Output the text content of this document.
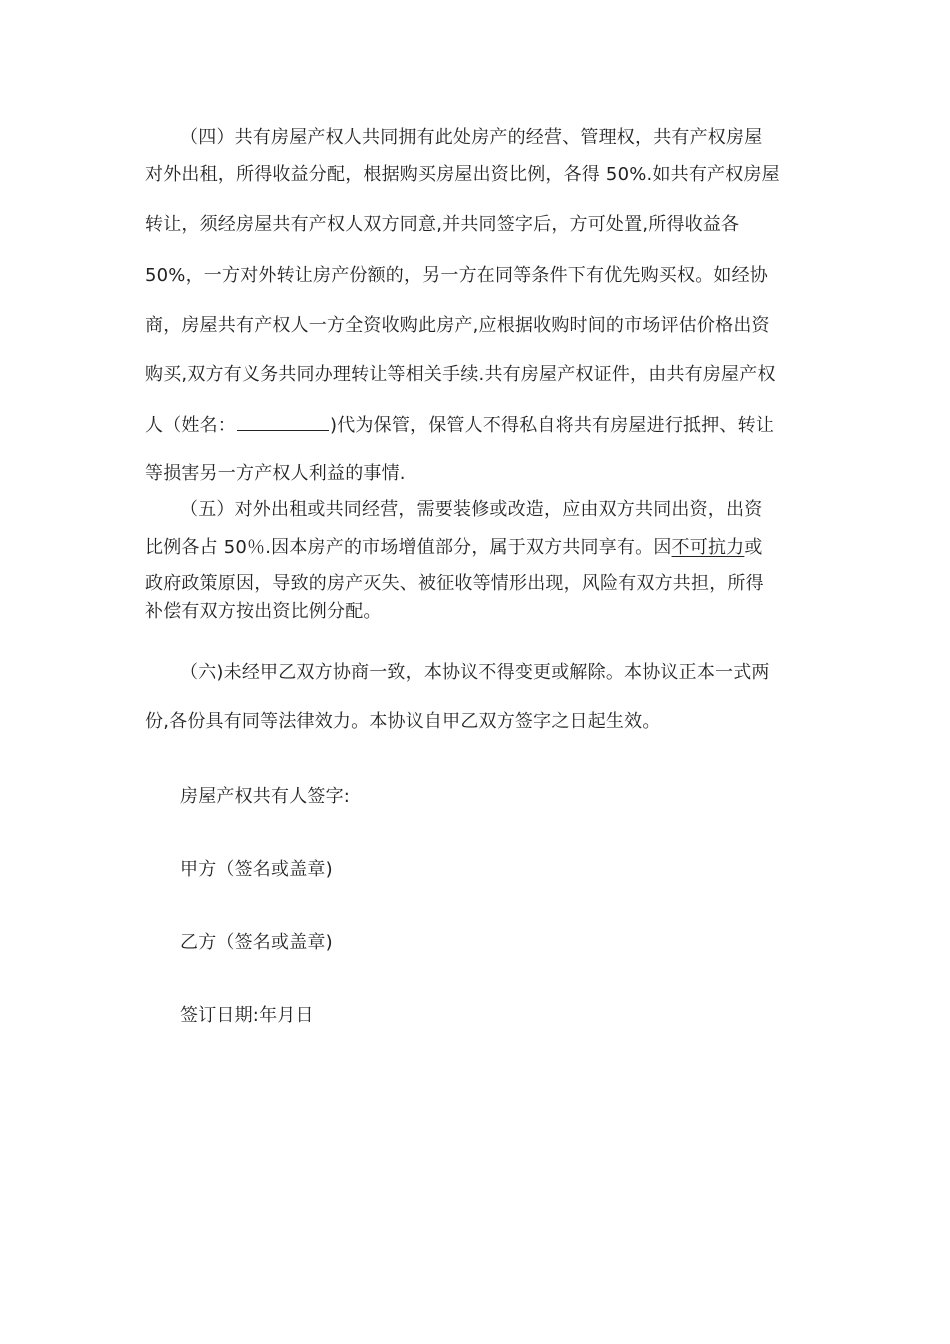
（四）共有房屋产权人共同拥有此处房产的经营、管理权，共有产权房屋
对外出租，所得收益分配，根据购买房屋出资比例，各得 50%.如共有产权房屋
转让，须经房屋共有产权人双方同意,并共同签字后，方可处置,所得收益各
50%，一方对外转让房产份额的，另一方在同等条件下有优先购买权。如经协
商，房屋共有产权人一方全资收购此房产,应根据收购时间的市场评估价格出资
购买,双方有义务共同办理转让等相关手续.共有房屋产权证件，由共有房屋产权
人（姓名：	)代为保管，保管人不得私自将共有房屋进行抵押、转让
等损害另一方产权人利益的事情.
（五）对外出租或共同经营，需要装修或改造，应由双方共同出资，出资
比例各占 50％.因本房产的市场增值部分，属于双方共同享有。因不可抗力或
政府政策原因，导致的房产灭失、被征收等情形出现，风险有双方共担，所得
补偿有双方按出资比例分配。
（六)未经甲乙双方协商一致，本协议不得变更或解除。本协议正本一式两
份,各份具有同等法律效力。本协议自甲乙双方签字之日起生效。
房屋产权共有人签字:
甲方（签名或盖章)
乙方（签名或盖章)
签订日期:年月日
